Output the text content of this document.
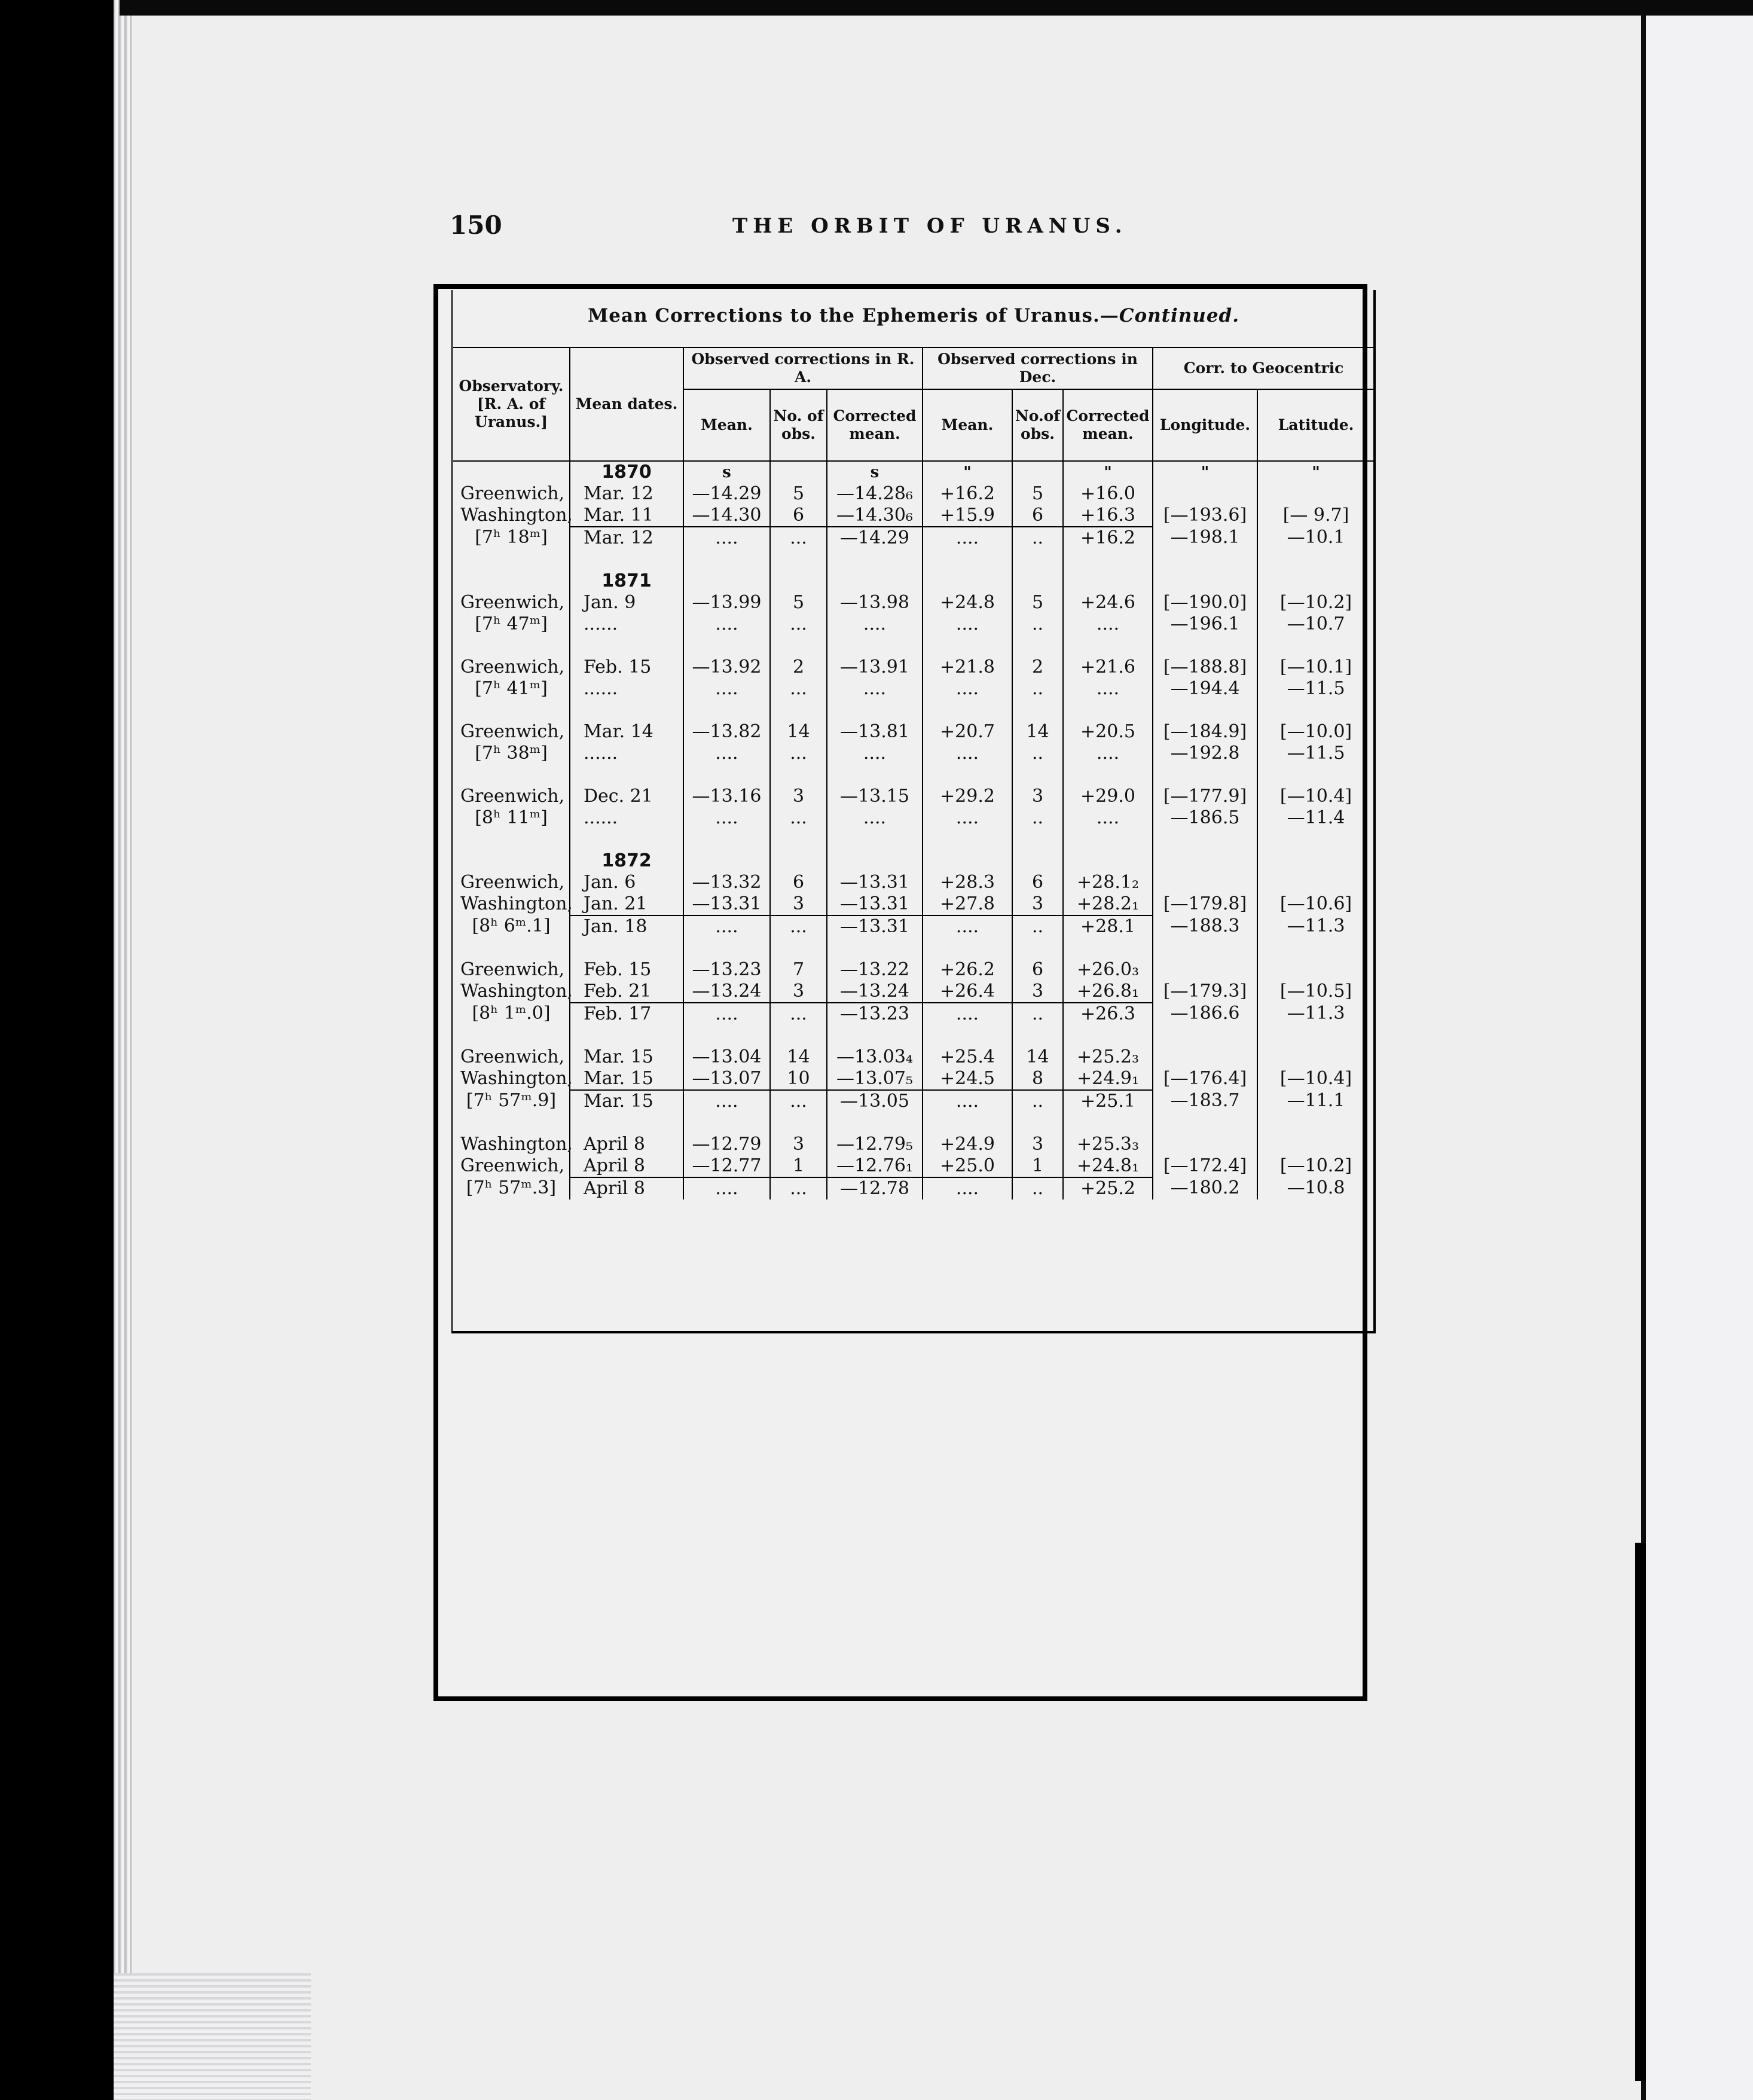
150	THE ORBIT OF URANUS.
Mean Corrections to the Ephemeris of Uranus.—Continued.
Observatory.
[R. A. of Uranus.]	Mean dates.	Observed corrections in R. A.			Observed corrections in Dec.			Corr. to Geocentric	
		Mean.	No. of obs.	Corrected mean.	Mean.	No.of obs.	Corrected mean.	Longitude.	Latitude.
	1870	s		s	"		"	"	"
Greenwich,	Mar. 12	—14.29	5	—14.28₆	+16.2	5	+16.0		
Washington,	Mar. 11	—14.30	6	—14.30₆	+15.9	6	+16.3	[—193.6]	[— 9.7]
[7ʰ 18ᵐ]	Mar. 12	....	...	—14.29	....	..	+16.2	—198.1	—10.1

	1871								
Greenwich,	Jan. 9	—13.99	5	—13.98	+24.8	5	+24.6	[—190.0]	[—10.2]
[7ʰ 47ᵐ]	......	....	...	....	....	..	....	—196.1	—10.7

Greenwich,	Feb. 15	—13.92	2	—13.91	+21.8	2	+21.6	[—188.8]	[—10.1]
[7ʰ 41ᵐ]	......	....	...	....	....	..	....	—194.4	—11.5

Greenwich,	Mar. 14	—13.82	14	—13.81	+20.7	14	+20.5	[—184.9]	[—10.0]
[7ʰ 38ᵐ]	......	....	...	....	....	..	....	—192.8	—11.5

Greenwich,	Dec. 21	—13.16	3	—13.15	+29.2	3	+29.0	[—177.9]	[—10.4]
[8ʰ 11ᵐ]	......	....	...	....	....	..	....	—186.5	—11.4

	1872								
Greenwich,	Jan. 6	—13.32	6	—13.31	+28.3	6	+28.1₂		
Washington,	Jan. 21	—13.31	3	—13.31	+27.8	3	+28.2₁	[—179.8]	[—10.6]
[8ʰ 6ᵐ.1]	Jan. 18	....	...	—13.31	....	..	+28.1	—188.3	—11.3

Greenwich,	Feb. 15	—13.23	7	—13.22	+26.2	6	+26.0₃		
Washington,	Feb. 21	—13.24	3	—13.24	+26.4	3	+26.8₁	[—179.3]	[—10.5]
[8ʰ 1ᵐ.0]	Feb. 17	....	...	—13.23	....	..	+26.3	—186.6	—11.3

Greenwich,	Mar. 15	—13.04	14	—13.03₄	+25.4	14	+25.2₃		
Washington,	Mar. 15	—13.07	10	—13.07₅	+24.5	8	+24.9₁	[—176.4]	[—10.4]
[7ʰ 57ᵐ.9]	Mar. 15	....	...	—13.05	....	..	+25.1	—183.7	—11.1

Washington,	April 8	—12.79	3	—12.79₅	+24.9	3	+25.3₃		
Greenwich,	April 8	—12.77	1	—12.76₁	+25.0	1	+24.8₁	[—172.4]	[—10.2]
[7ʰ 57ᵐ.3]	April 8	....	...	—12.78	....	..	+25.2	—180.2	—10.8
